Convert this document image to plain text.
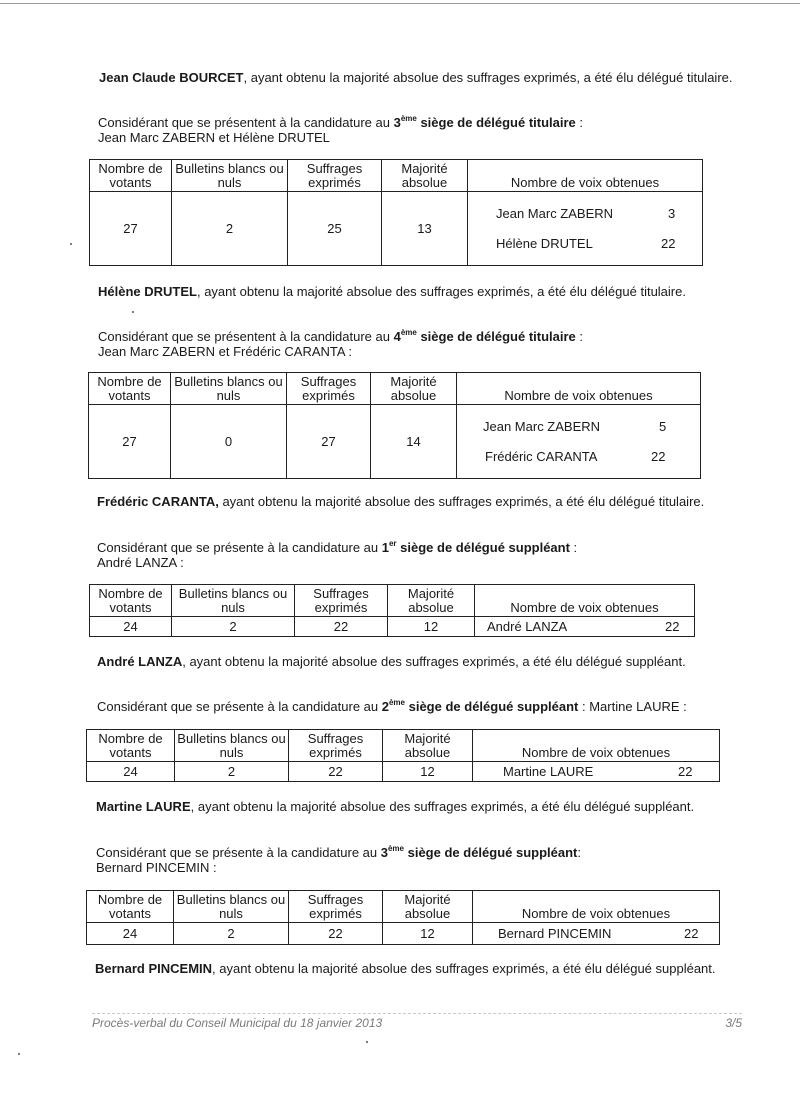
Jean Claude BOURCET, ayant obtenu la majorité absolue des suffrages exprimés, a été élu délégué titulaire.
Considérant que se présentent à la candidature au 3ème siège de délégué titulaire :
Jean Marc ZABERN et Hélène DRUTEL
Nombre de votants	Bulletins blancs ou nuls	Suffrages exprimés	Majorité absolue	Nombre de voix obtenues
27	2	25	13	Jean Marc ZABERN 3
Hélène DRUTEL 22
Hélène DRUTEL, ayant obtenu la majorité absolue des suffrages exprimés, a été élu délégué titulaire.
Considérant que se présentent à la candidature au 4ème siège de délégué titulaire :
Jean Marc ZABERN et Frédéric CARANTA :
Nombre de votants	Bulletins blancs ou nuls	Suffrages exprimés	Majorité absolue	Nombre de voix obtenues
27	0	27	14	Jean Marc ZABERN 5
Frédéric CARANTA 22
Frédéric CARANTA, ayant obtenu la majorité absolue des suffrages exprimés, a été élu délégué titulaire.
Considérant que se présente à la candidature au 1er siège de délégué suppléant :
André LANZA :
Nombre de votants	Bulletins blancs ou nuls	Suffrages exprimés	Majorité absolue	Nombre de voix obtenues
24	2	22	12	André LANZA 22
André LANZA, ayant obtenu la majorité absolue des suffrages exprimés, a été élu délégué suppléant.
Considérant que se présente à la candidature au 2ème siège de délégué suppléant : Martine LAURE :
Nombre de votants	Bulletins blancs ou nuls	Suffrages exprimés	Majorité absolue	Nombre de voix obtenues
24	2	22	12	Martine LAURE 22
Martine LAURE, ayant obtenu la majorité absolue des suffrages exprimés, a été élu délégué suppléant.
Considérant que se présente à la candidature au 3ème siège de délégué suppléant:
Bernard PINCEMIN :
Nombre de votants	Bulletins blancs ou nuls	Suffrages exprimés	Majorité absolue	Nombre de voix obtenues
24	2	22	12	Bernard PINCEMIN 22
Bernard PINCEMIN, ayant obtenu la majorité absolue des suffrages exprimés, a été élu délégué suppléant.
Procès-verbal du Conseil Municipal du 18 janvier 2013	3/5
